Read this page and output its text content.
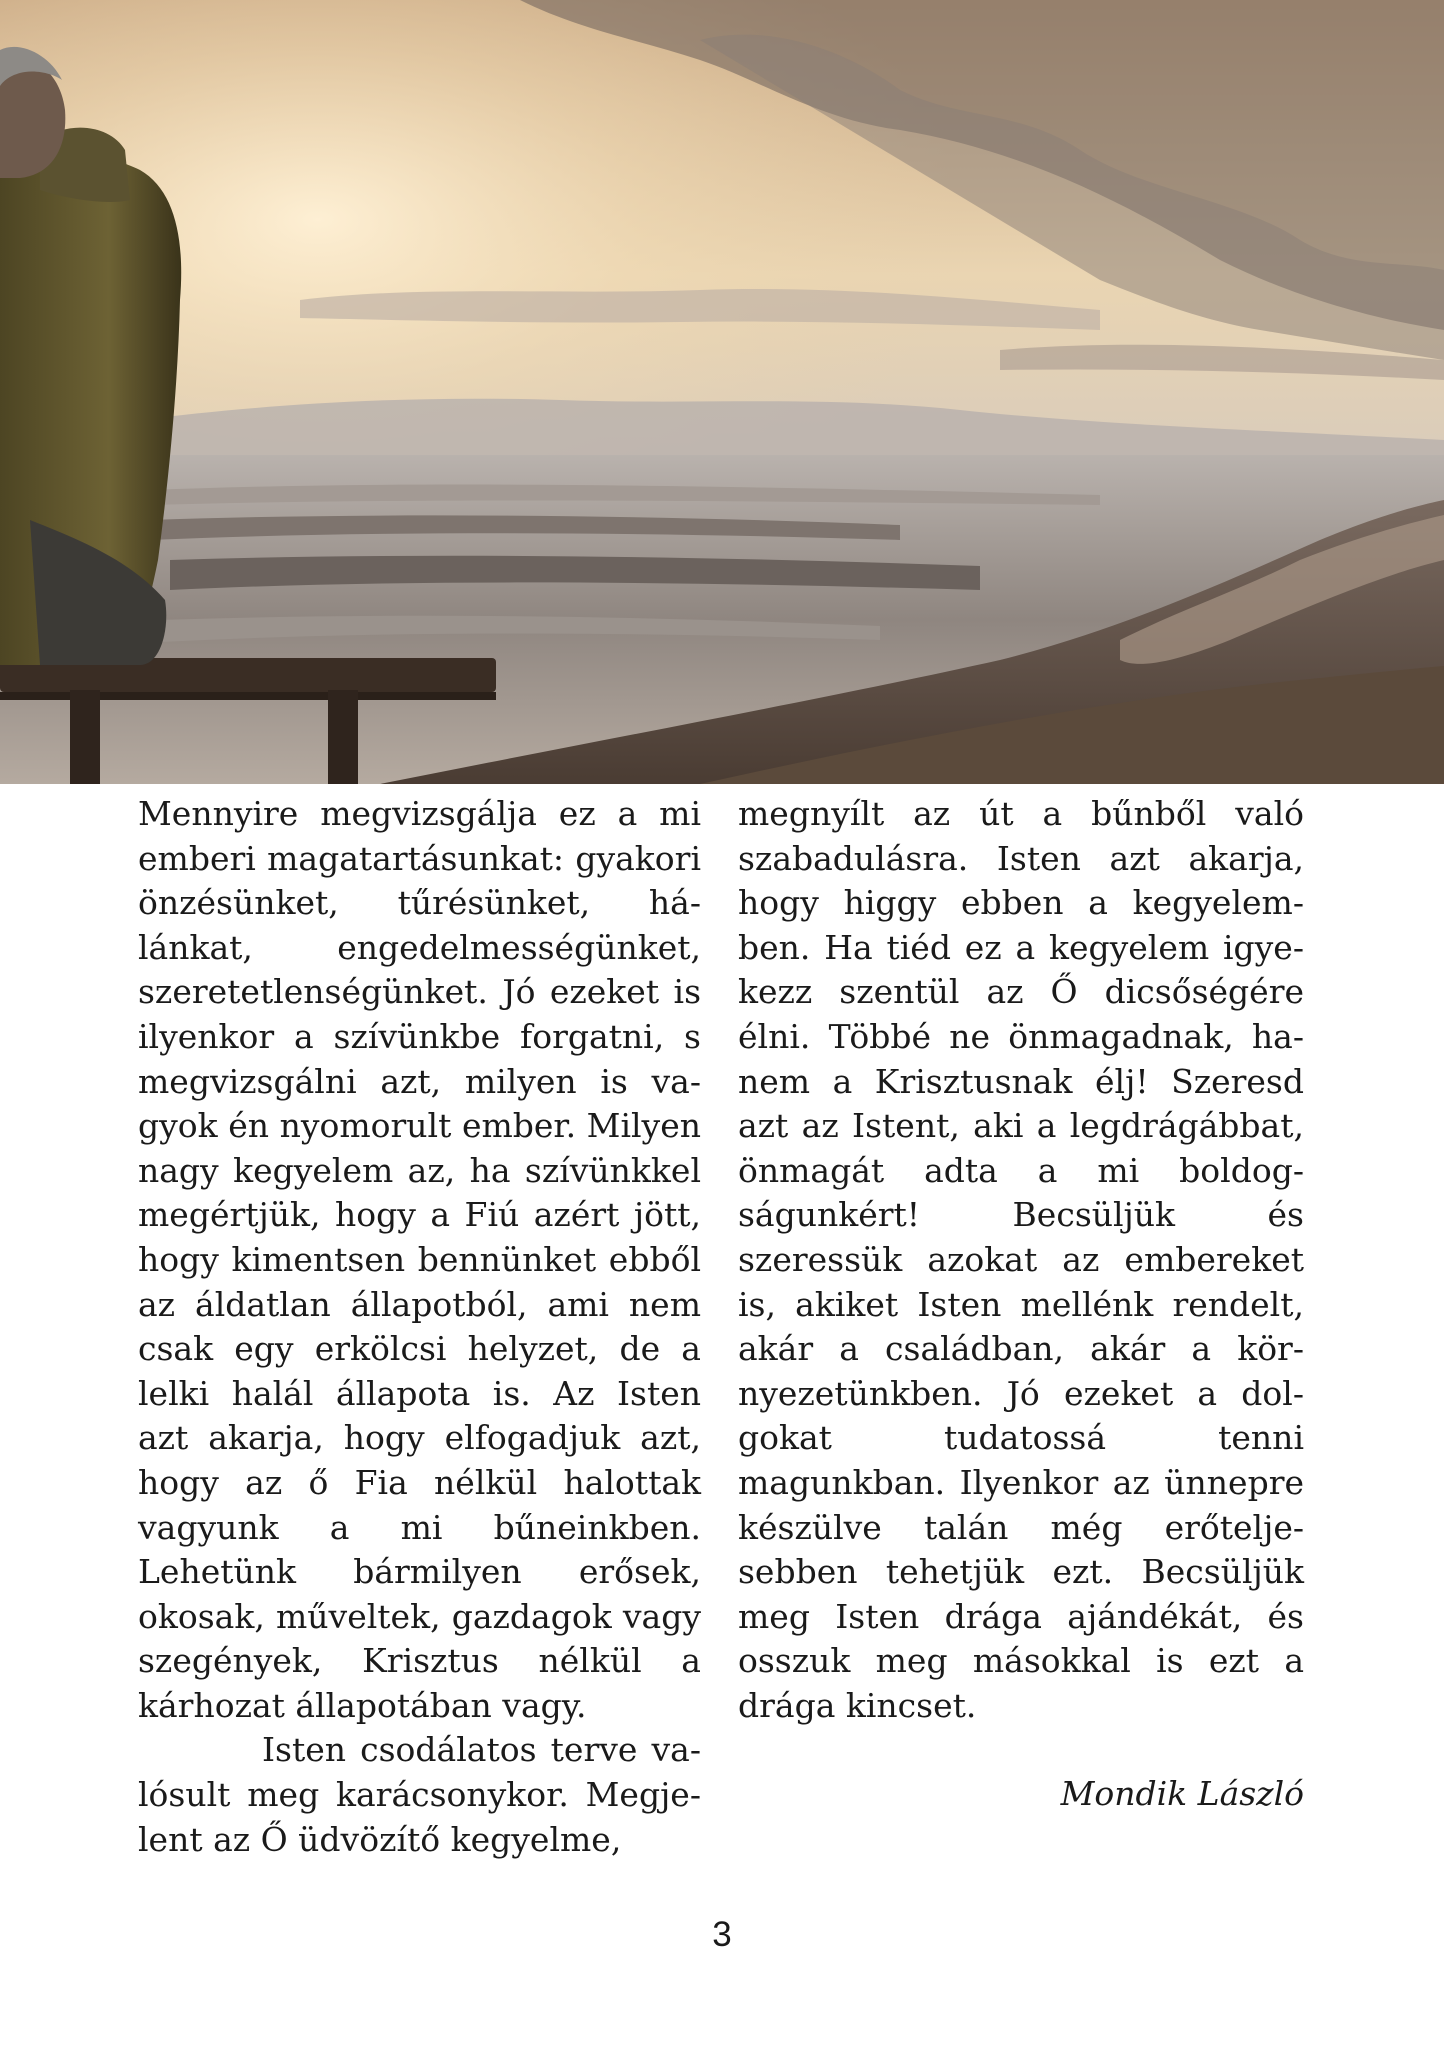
Mennyire megvizsgálja ez a mi emberi magatartásunkat: gyakori önzésünket, tűrésünket, hálánkat, engedelmességünket, szeretetlenségünket. Jó ezeket is ilyenkor a szívünkbe forgatni, s megvizsgálni azt, milyen is vagyok én nyomorult ember. Milyen nagy kegyelem az, ha szívünkkel megértjük, hogy a Fiú azért jött, hogy kimentsen bennünket ebből az áldatlan állapotból, ami nem csak egy erkölcsi helyzet, de a lelki halál állapota is. Az Isten azt akarja, hogy elfogadjuk azt, hogy az ő Fia nélkül halottak vagyunk a mi bűneinkben. Lehetünk bármilyen erősek, okosak, műveltek, gazdagok vagy szegények, Krisztus nélkül a kárhozat állapotában vagy.

Isten csodálatos terve valósult meg karácsonykor. Megjelent az Ő üdvözítő kegyelme,

megnyílt az út a bűnből való szabadulásra. Isten azt akarja, hogy higgy ebben a kegyelemben. Ha tiéd ez a kegyelem igyekezz szentül az Ő dicsőségére élni. Többé ne önmagadnak, hanem a Krisztusnak élj! Szeresd azt az Istent, aki a legdrágábbat, önmagát adta a mi boldogságunkért! Becsüljük és szeressük azokat az embereket is, akiket Isten mellénk rendelt, akár a családban, akár a környezetünkben. Jó ezeket a dolgokat tudatossá tenni magunkban. Ilyenkor az ünnepre készülve talán még erőteljesebben tehetjük ezt. Becsüljük meg Isten drága ajándékát, és osszuk meg másokkal is ezt a drága kincset.

Mondik László

3
